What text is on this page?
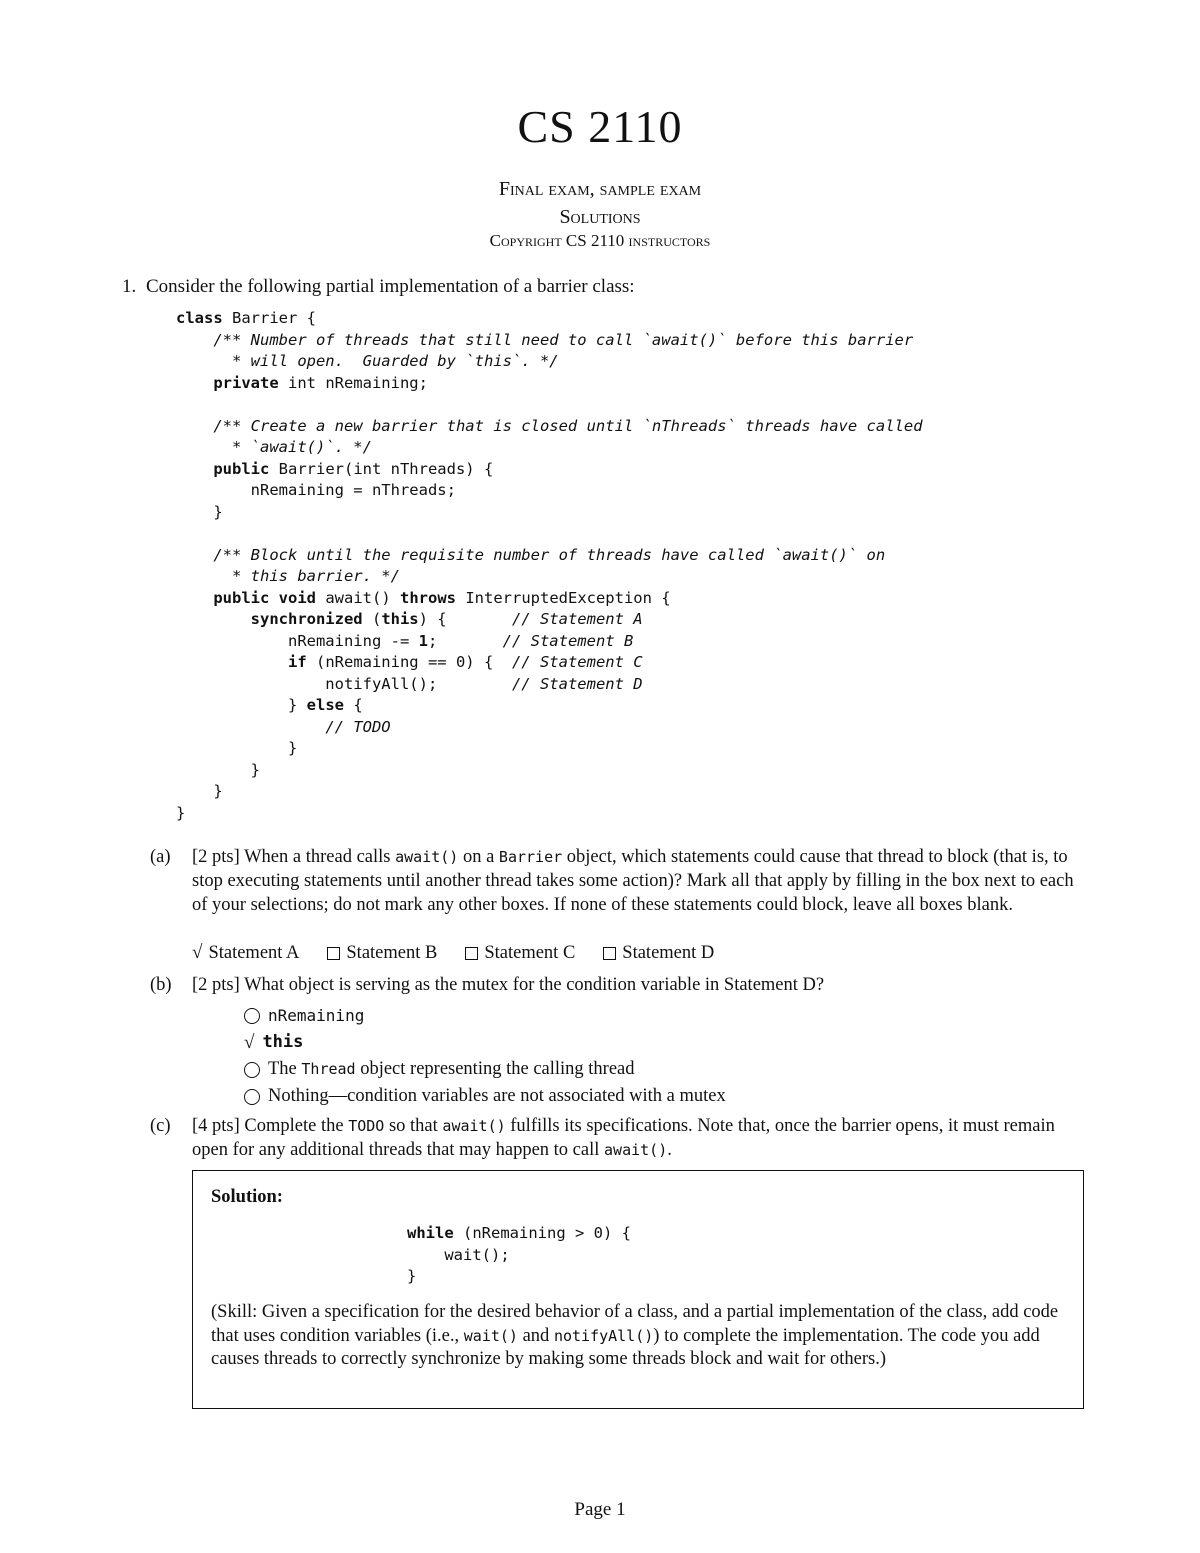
CS 2110
Final exam, sample exam
Solutions
Copyright CS 2110 instructors
1. Consider the following partial implementation of a barrier class:
class Barrier {
/** Number of threads that still need to call `await()` before this barrier
* will open.  Guarded by `this`. */
private int nRemaining;

/** Create a new barrier that is closed until `nThreads` threads have called
* `await()`. */
public Barrier(int nThreads) {
nRemaining = nThreads;
}

/** Block until the requisite number of threads have called `await()` on
* this barrier. */
public void await() throws InterruptedException {
synchronized (this) {       // Statement A
nRemaining -= 1;       // Statement B
if (nRemaining == 0) {  // Statement C
notifyAll();        // Statement D
} else {
// TODO
}
}
}
}
(a) [2 pts] When a thread calls await() on a Barrier object, which statements could cause that thread to block (that is, to stop executing statements until another thread takes some action)? Mark all that apply by filling in the box next to each of your selections; do not mark any other boxes. If none of these statements could block, leave all boxes blank.
√ Statement A	Statement B	Statement C	Statement D
(b) [2 pts] What object is serving as the mutex for the condition variable in Statement D?
nRemaining
√ this
The Thread object representing the calling thread
Nothing—condition variables are not associated with a mutex
(c) [4 pts] Complete the TODO so that await() fulfills its specifications. Note that, once the barrier opens, it must remain open for any additional threads that may happen to call await().
Solution:
while (nRemaining > 0) {
wait();
}
(Skill: Given a specification for the desired behavior of a class, and a partial implementation of the class, add code that uses condition variables (i.e., wait() and notifyAll()) to complete the implementation. The code you add causes threads to correctly synchronize by making some threads block and wait for others.)
Page 1
